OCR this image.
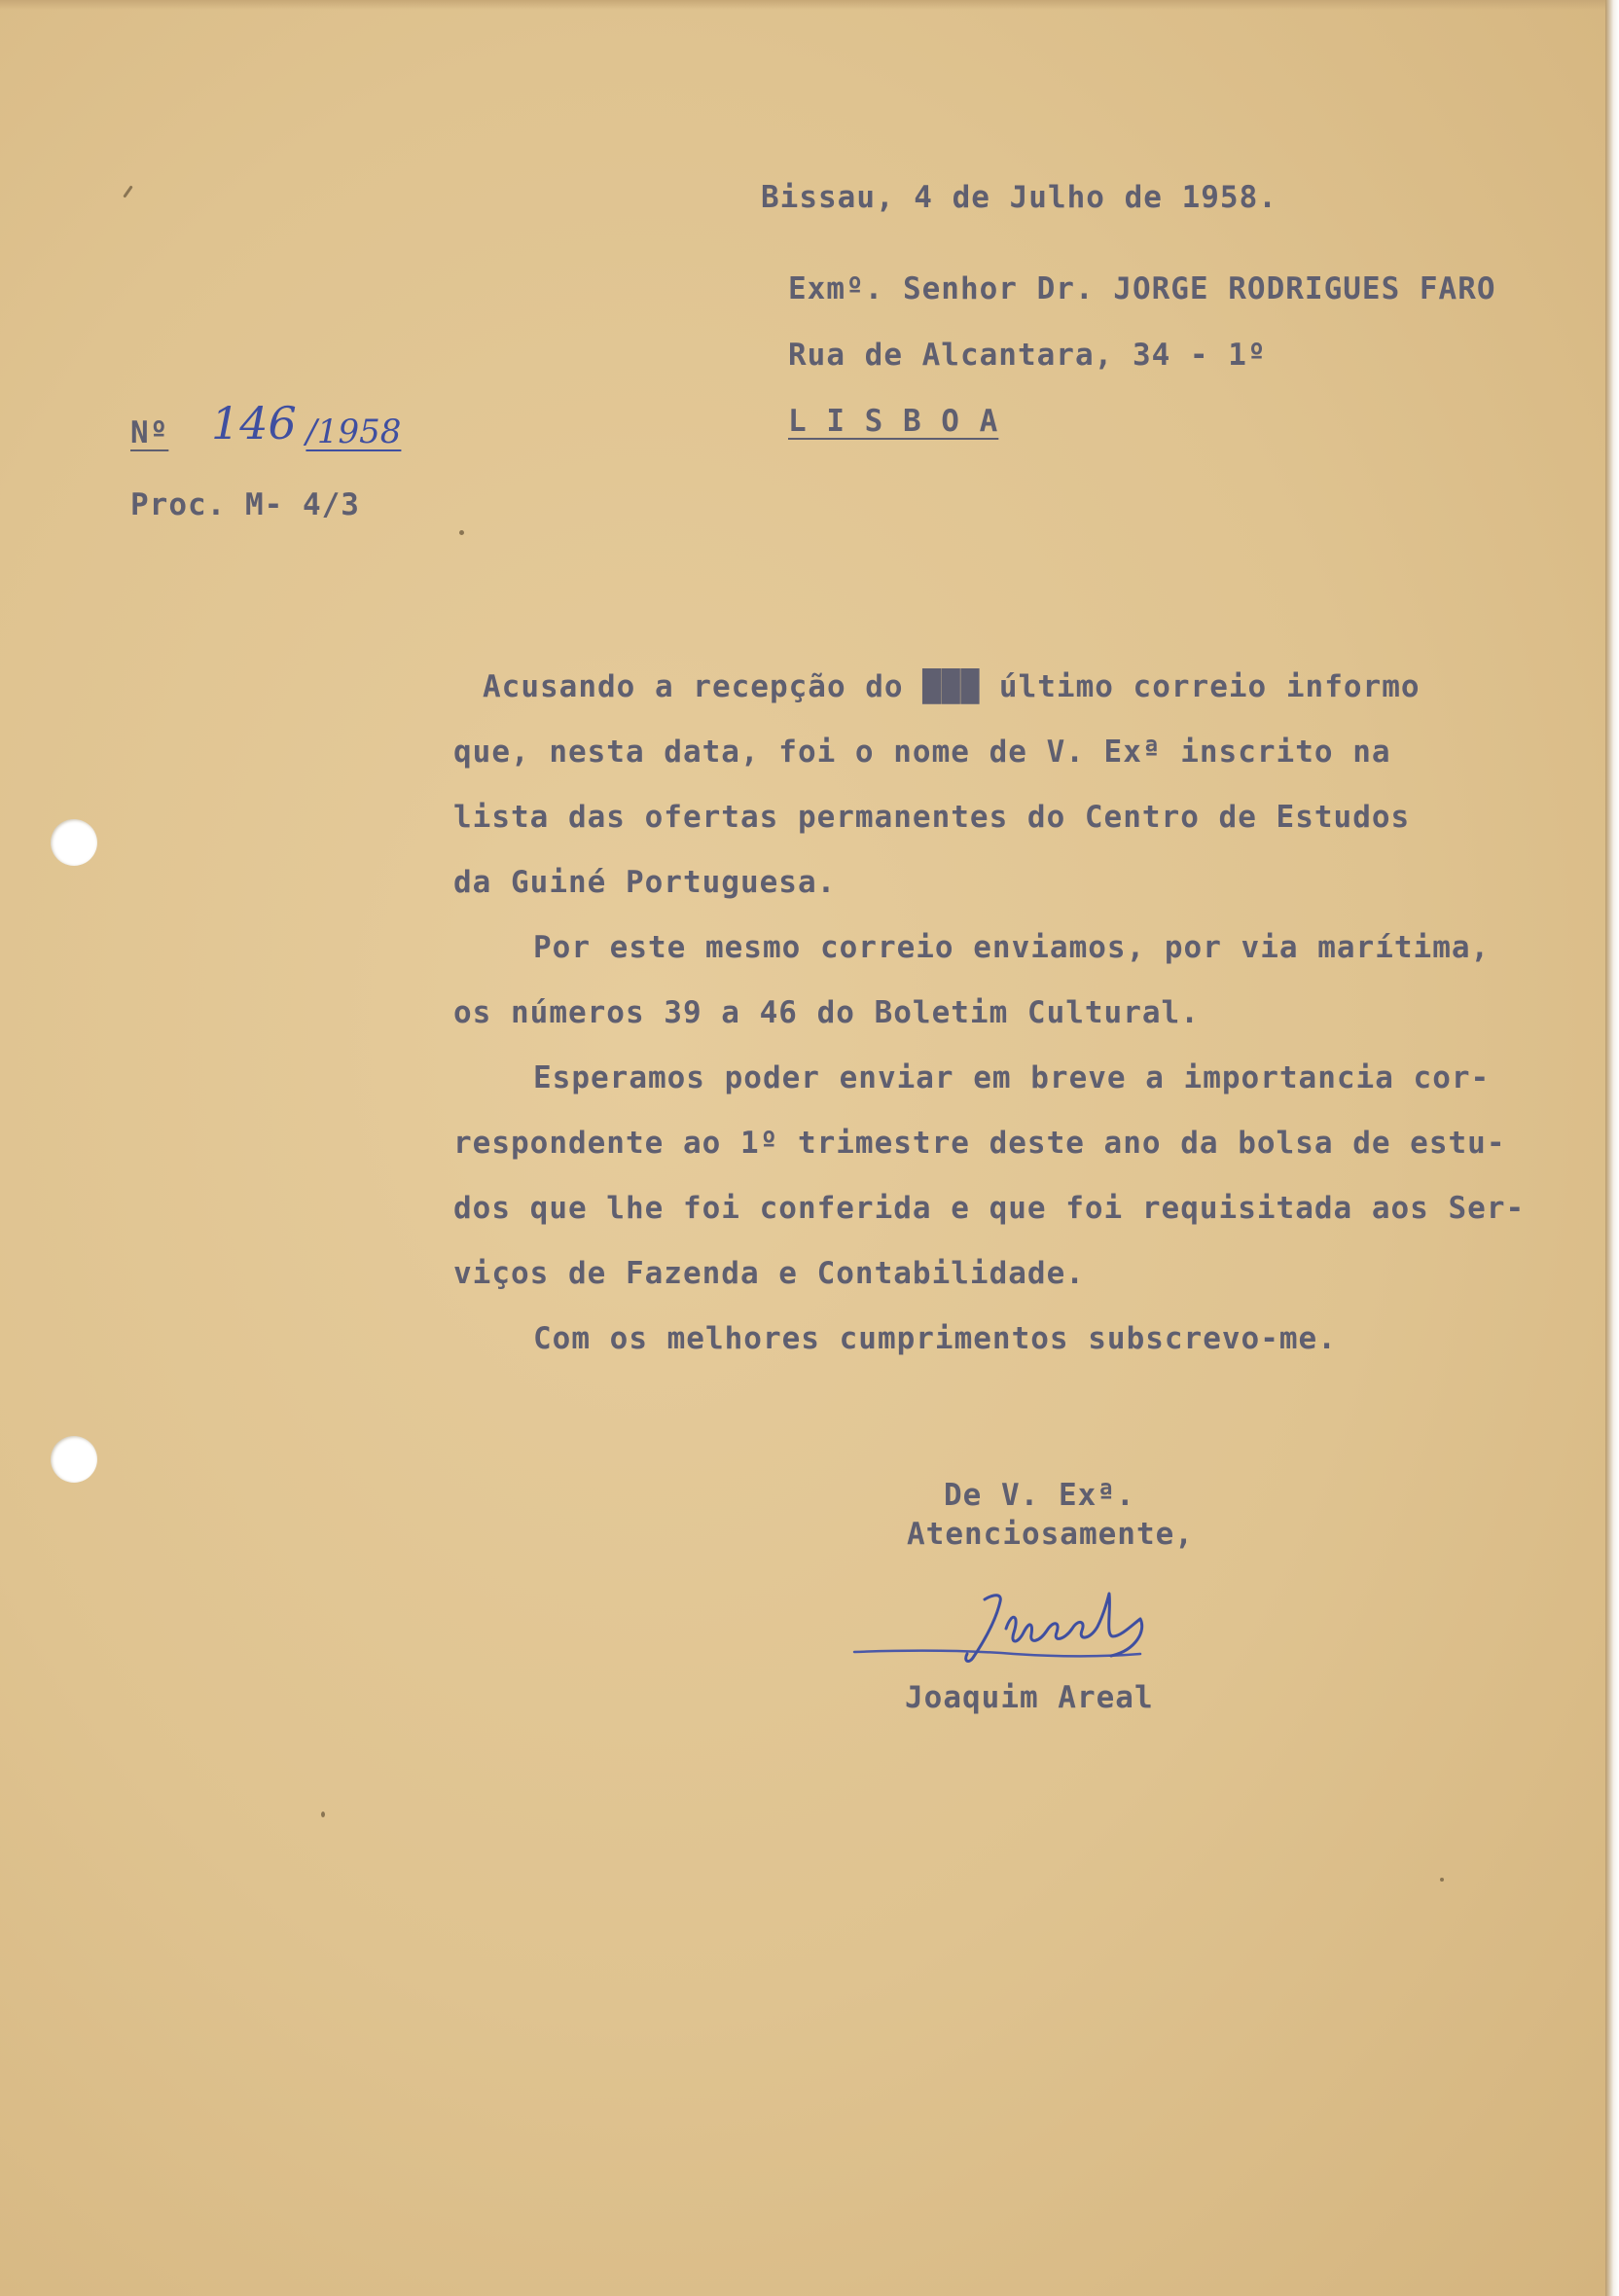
Bissau, 4 de Julho de 1958.
Exmº. Senhor Dr. JORGE RODRIGUES FARO
Rua de Alcantara, 34 - 1º
L I S B O A
Nº 146 /1958
Proc. M- 4/3
Acusando a recepção do ███ último correio informo
que, nesta data, foi o nome de V. Exª inscrito na
lista das ofertas permanentes do Centro de Estudos
da Guiné Portuguesa.
Por este mesmo correio enviamos, por via marítima,
os números 39 a 46 do Boletim Cultural.
Esperamos poder enviar em breve a importancia cor-
respondente ao 1º trimestre deste ano da bolsa de estu-
dos que lhe foi conferida e que foi requisitada aos Ser-
viços de Fazenda e Contabilidade.
Com os melhores cumprimentos subscrevo-me.
De V. Exª.
Atenciosamente,
Joaquim Areal
